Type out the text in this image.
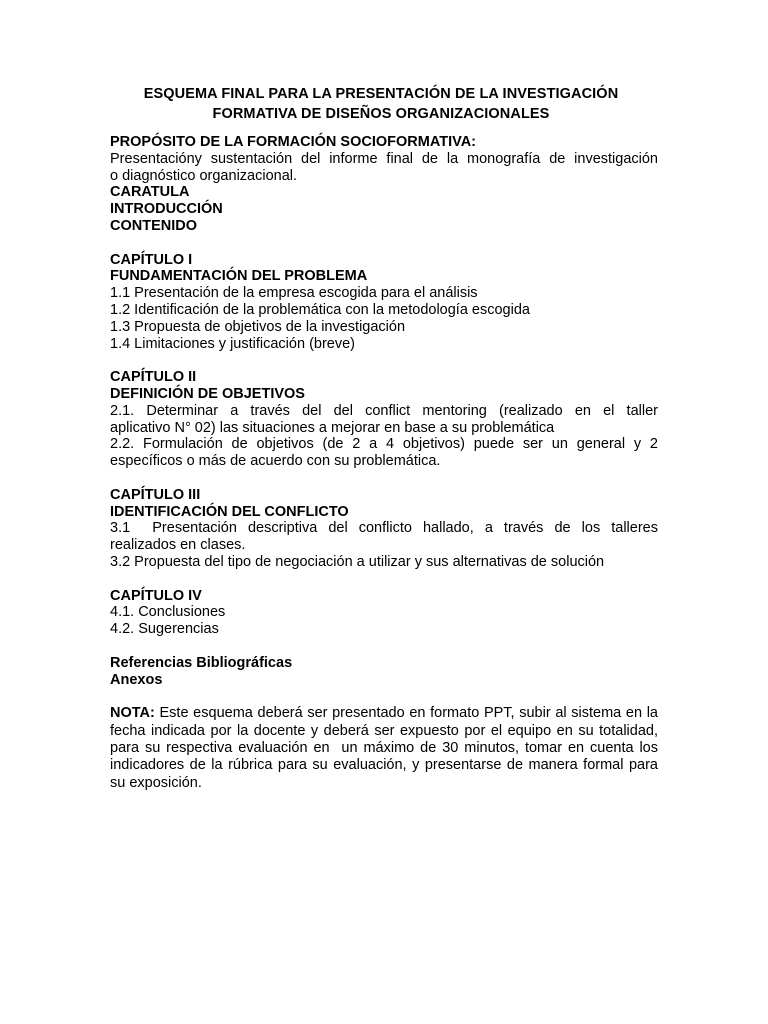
ESQUEMA FINAL PARA LA PRESENTACIÓN DE LA INVESTIGACIÓN
FORMATIVA DE DISEÑOS ORGANIZACIONALES
PROPÓSITO DE LA FORMACIÓN SOCIOFORMATIVA:
Presentacióny sustentación del informe final de la monografía de investigación
o diagnóstico organizacional.
CARATULA
INTRODUCCIÓN
CONTENIDO
CAPÍTULO I
FUNDAMENTACIÓN DEL PROBLEMA
1.1 Presentación de la empresa escogida para el análisis
1.2 Identificación de la problemática con la metodología escogida
1.3 Propuesta de objetivos de la investigación
1.4 Limitaciones y justificación (breve)
CAPÍTULO II
DEFINICIÓN DE OBJETIVOS
2.1. Determinar a través del del conflict mentoring (realizado en el taller
aplicativo N° 02) las situaciones a mejorar en base a su problemática
2.2. Formulación de objetivos (de 2 a 4 objetivos) puede ser un general y 2
específicos o más de acuerdo con su problemática.
CAPÍTULO III
IDENTIFICACIÓN DEL CONFLICTO
3.1  Presentación descriptiva del conflicto hallado, a través de los talleres
realizados en clases.
3.2 Propuesta del tipo de negociación a utilizar y sus alternativas de solución
CAPÍTULO IV
4.1. Conclusiones
4.2. Sugerencias
Referencias Bibliográficas
Anexos

NOTA: Este esquema deberá ser presentado en formato PPT, subir al sistema en la fecha indicada por la docente y deberá ser expuesto por el equipo en su totalidad, para su respectiva evaluación en  un máximo de 30 minutos, tomar en cuenta los indicadores de la rúbrica para su evaluación, y presentarse de manera formal para su exposición.
